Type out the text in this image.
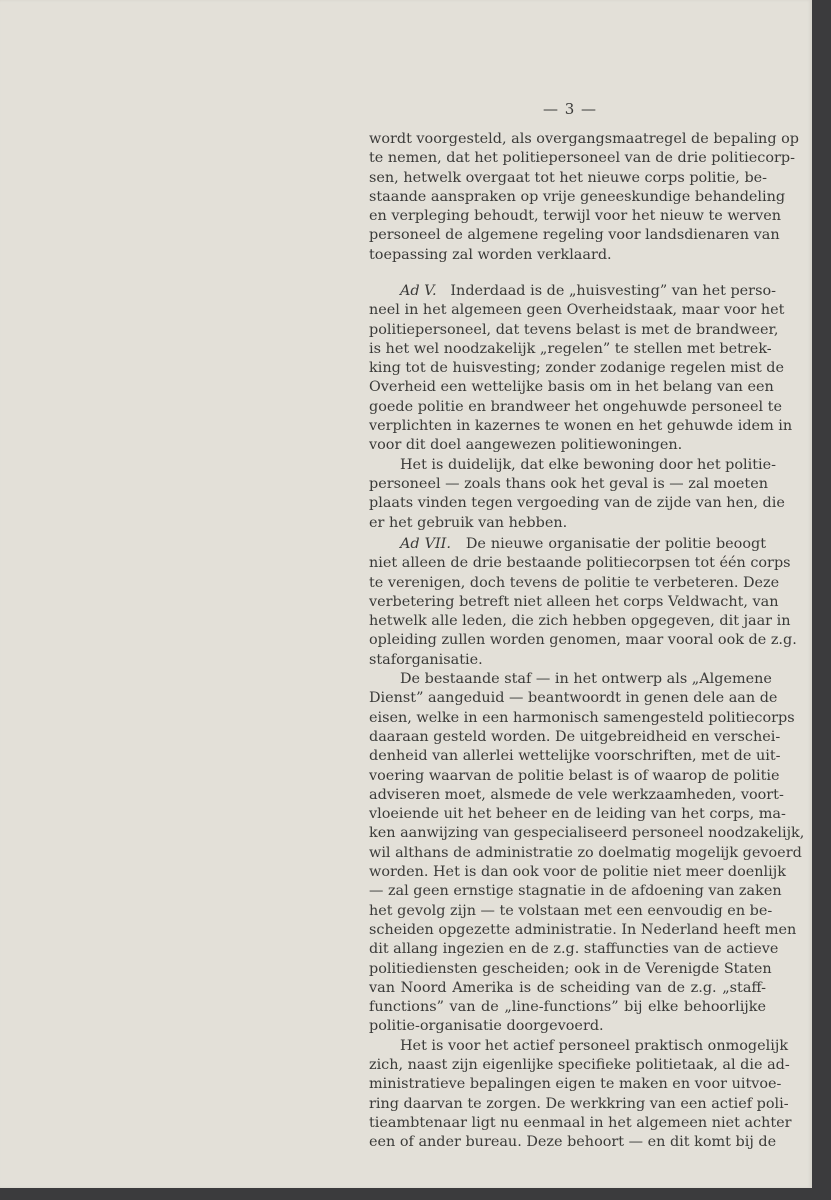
— 3 —
wordt voorgesteld, als overgangsmaatregel de bepaling op
te nemen, dat het politiepersoneel van de drie politiecorp-
sen, hetwelk overgaat tot het nieuwe corps politie, be-
staande aanspraken op vrije geneeskundige behandeling
en verpleging behoudt, terwijl voor het nieuw te werven
personeel de algemene regeling voor landsdienaren van
toepassing zal worden verklaard.
Ad V. Inderdaad is de „huisvesting” van het perso-
neel in het algemeen geen Overheidstaak, maar voor het
politiepersoneel, dat tevens belast is met de brandweer,
is het wel noodzakelijk „regelen” te stellen met betrek-
king tot de huisvesting; zonder zodanige regelen mist de
Overheid een wettelijke basis om in het belang van een
goede politie en brandweer het ongehuwde personeel te
verplichten in kazernes te wonen en het gehuwde idem in
voor dit doel aangewezen politiewoningen.
Het is duidelijk, dat elke bewoning door het politie-
personeel — zoals thans ook het geval is — zal moeten
plaats vinden tegen vergoeding van de zijde van hen, die
er het gebruik van hebben.
Ad VII. De nieuwe organisatie der politie beoogt
niet alleen de drie bestaande politiecorpsen tot één corps
te verenigen, doch tevens de politie te verbeteren. Deze
verbetering betreft niet alleen het corps Veldwacht, van
hetwelk alle leden, die zich hebben opgegeven, dit jaar in
opleiding zullen worden genomen, maar vooral ook de z.g.
staforganisatie.
De bestaande staf — in het ontwerp als „Algemene
Dienst” aangeduid — beantwoordt in genen dele aan de
eisen, welke in een harmonisch samengesteld politiecorps
daaraan gesteld worden. De uitgebreidheid en verschei-
denheid van allerlei wettelijke voorschriften, met de uit-
voering waarvan de politie belast is of waarop de politie
adviseren moet, alsmede de vele werkzaamheden, voort-
vloeiende uit het beheer en de leiding van het corps, ma-
ken aanwijzing van gespecialiseerd personeel noodzakelijk,
wil althans de administratie zo doelmatig mogelijk gevoerd
worden. Het is dan ook voor de politie niet meer doenlijk
— zal geen ernstige stagnatie in de afdoening van zaken
het gevolg zijn — te volstaan met een eenvoudig en be-
scheiden opgezette administratie. In Nederland heeft men
dit allang ingezien en de z.g. staffuncties van de actieve
politiediensten gescheiden; ook in de Verenigde Staten
van Noord Amerika is de scheiding van de z.g. „staff-
functions” van de „line-functions” bij elke behoorlijke
politie-organisatie doorgevoerd.
Het is voor het actief personeel praktisch onmogelijk
zich, naast zijn eigenlijke specifieke politietaak, al die ad-
ministratieve bepalingen eigen te maken en voor uitvoe-
ring daarvan te zorgen. De werkkring van een actief poli-
tieambtenaar ligt nu eenmaal in het algemeen niet achter
een of ander bureau. Deze behoort — en dit komt bij de
